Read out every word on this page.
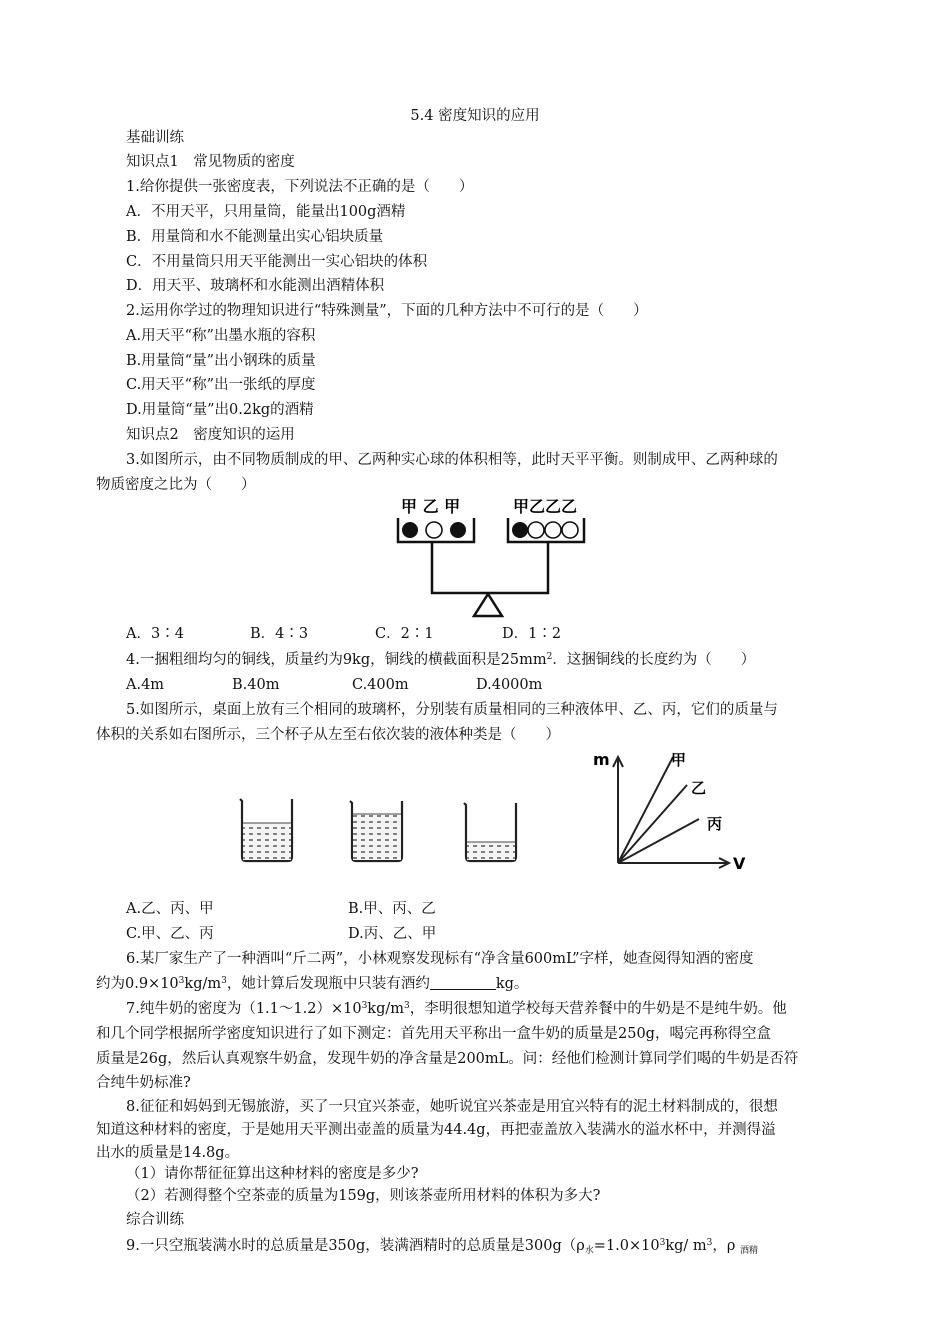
5.4 密度知识的应用
基础训练
知识点1　常见物质的密度
1.给你提供一张密度表，下列说法不正确的是（　　）
A．不用天平，只用量筒，能量出100g酒精
B．用量筒和水不能测量出实心铝块质量
C．不用量筒只用天平能测出一实心铝块的体积
D．用天平、玻璃杯和水能测出酒精体积
2.运用你学过的物理知识进行“特殊测量”，下面的几种方法中不可行的是（　　）
A.用天平“称”出墨水瓶的容积
B.用量筒“量”出小钢珠的质量
C.用天平“称”出一张纸的厚度
D.用量筒“量”出0.2kg的酒精
知识点2　密度知识的运用
3.如图所示，由不同物质制成的甲、乙两种实心球的体积相等，此时天平平衡。则制成甲、乙两种球的
物质密度之比为（　　）
甲 乙 甲	甲乙乙乙
A．3∶4	B．4∶3	C．2∶1	D．1∶2
4.一捆粗细均匀的铜线，质量约为9kg，铜线的横截面积是$25mm^2$．这捆铜线的长度约为（　　）
A.4m	B.40m	C.400m	D.4000m
5.如图所示，桌面上放有三个相同的玻璃杯，分别装有质量相同的三种液体甲、乙、丙，它们的质量与
体积的关系如右图所示，三个杯子从左至右依次装的液体种类是（　　）
m
V
甲
乙
丙
A.乙、丙、甲	B.甲、丙、乙
C.甲、乙、丙	D.丙、乙、甲
6.某厂家生产了一种酒叫“斤二两”，小林观察发现标有“净含量600mL”字样，她查阅得知酒的密度
约为$0.9\times 10^3kg/m^3$，她计算后发现瓶中只装有酒约	kg。
7.纯牛奶的密度为$(1.1\sim 1.2)\times 10^3kg/m^3$，李明很想知道学校每天营养餐中的牛奶是不是纯牛奶。他
和几个同学根据所学密度知识进行了如下测定：首先用天平称出一盒牛奶的质量是250g，喝完再称得空盒
质量是26g，然后认真观察牛奶盒，发现牛奶的净含量是200mL。问：经他们检测计算同学们喝的牛奶是否符
合纯牛奶标准?
8.征征和妈妈到无锡旅游，买了一只宜兴茶壶，她听说宜兴茶壶是用宜兴特有的泥土材料制成的，很想
知道这种材料的密度，于是她用天平测出壶盖的质量为44.4g，再把壶盖放入装满水的溢水杯中，并测得溢
出水的质量是14.8g。
（1）请你帮征征算出这种材料的密度是多少?
（2）若测得整个空茶壶的质量为159g，则该茶壶所用材料的体积为多大?
综合训练
9.一只空瓶装满水时的总质量是350g，装满酒精时的总质量是$300g(\rho_水=1.0\times 10^3kg/$ $m^3$，ρ $_{酒精}$
